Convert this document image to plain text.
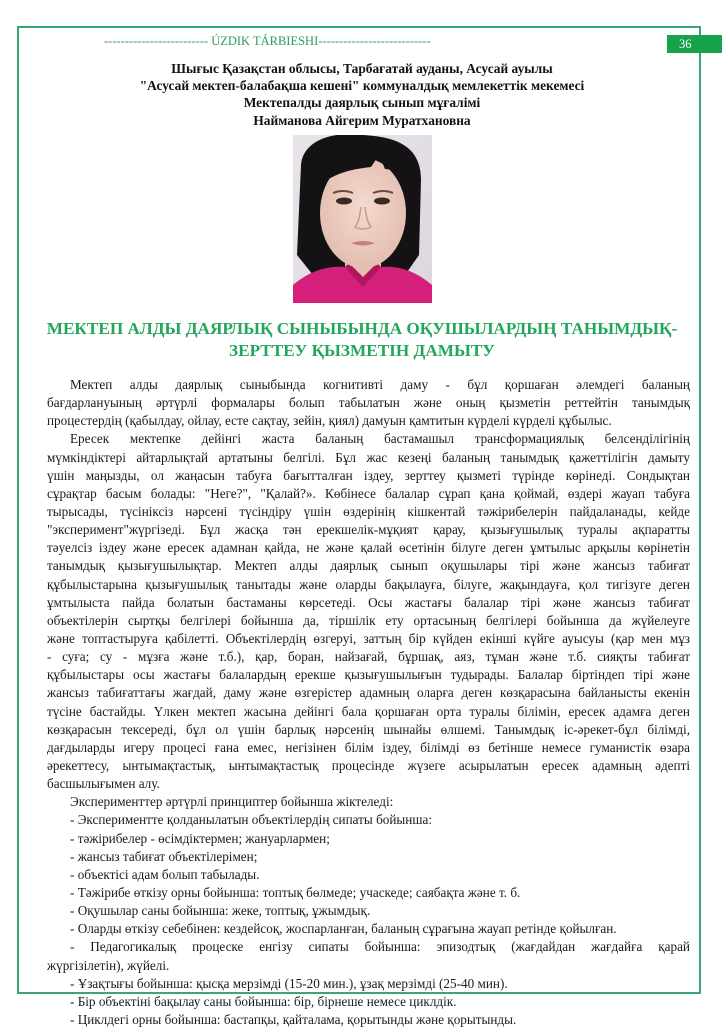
------------------------- ÚZDIK TÁRBIESHI---------------------------	36
Шығыс Қазақстан облысы, Тарбағатай ауданы, Асусай ауылы
"Асусай мектеп-балабақша кешені" коммуналдық мемлекеттік мекемесі
Мектепалды даярлық сынып мұғалімі
Найманова Айгерим Муратхановна
МЕКТЕП АЛДЫ ДАЯРЛЫҚ СЫНЫБЫНДА ОҚУШЫЛАРДЫҢ ТАНЫМДЫҚ-
ЗЕРТТЕУ ҚЫЗМЕТІН ДАМЫТУ
Мектеп алды даярлық сыныбында когнитивті даму - бұл қоршаған әлемдегі баланың
бағдарлануының әртүрлі формалары болып табылатын және оның қызметін реттейтін танымдық
процестердің (қабылдау, ойлау, есте сақтау, зейін, қиял) дамуын қамтитын күрделі күрделі құбылыс.
Ересек мектепке дейінгі жаста баланың бастамашыл трансформациялық белсенділігінің
мүмкіндіктері айтарлықтай артатыны белгілі. Бұл жас кезеңі баланың танымдық қажеттілігін дамыту
үшін маңызды, ол жаңасын табуға бағытталған іздеу, зерттеу қызметі түрінде көрінеді. Сондықтан
сұрақтар басым болады: "Неге?", "Қалай?». Көбінесе балалар сұрап қана қоймай, өздері жауап табуға
тырысады, түсініксіз нәрсені түсіндіру үшін өздерінің кішкентай тәжірибелерін пайдаланады, кейде
"эксперимент"жүргізеді. Бұл жасқа тән ерекшелік-мұқият қарау, қызығушылық туралы ақпаратты
тәуелсіз іздеу және ересек адамнан қайда, не және қалай өсетінін білуге деген ұмтылыс арқылы көрінетін
танымдық қызығушылықтар. Мектеп алды даярлық сынып оқушылары тірі және жансыз табиғат
құбылыстарына қызығушылық танытады және оларды бақылауға, білуге, жақындауға, қол тигізуге деген
ұмтылыста пайда болатын бастаманы көрсетеді. Осы жастағы балалар тірі және жансыз табиғат
объектілерін сыртқы белгілері бойынша да, тіршілік ету ортасының белгілері бойынша да жүйелеуге
және топтастыруға қабілетті. Объектілердің өзгеруі, заттың бір күйден екінші күйге ауысуы (қар мен мұз
- суға; су - мұзға және т.б.), қар, боран, найзағай, бұршақ, аяз, тұман және т.б. сияқты табиғат
құбылыстары осы жастағы балалардың ерекше қызығушылығын тудырады. Балалар біртіндеп тірі және
жансыз табиғаттағы жағдай, даму және өзгерістер адамның оларға деген көзқарасына байланысты екенін
түсіне бастайды. Үлкен мектеп жасына дейінгі бала қоршаған орта туралы білімін, ересек адамға деген
көзқарасын тексереді, бұл ол үшін барлық нәрсенің шынайы өлшемі. Танымдық іс-әрекет-бұл білімді,
дағдыларды игеру процесі ғана емес, негізінен білім іздеу, білімді өз бетінше немесе гуманистік өзара
әрекеттесу, ынтымақтастық, ынтымақтастық процесінде жүзеге асырылатын ересек адамның әдепті
басшылығымен алу.
Эксперименттер әртүрлі принциптер бойынша жіктеледі:
- Экспериментте қолданылатын объектілердің сипаты бойынша:
- тәжірибелер - өсімдіктермен; жануарлармен;
- жансыз табиғат объектілерімен;
- объектісі адам болып табылады.
- Тәжірибе өткізу орны бойынша: топтық бөлмеде; учаскеде; саябақта және т. б.
- Оқушылар саны бойынша: жеке, топтық, ұжымдық.
- Оларды өткізу себебінен: кездейсоқ, жоспарланған, баланың сұрағына жауап ретінде қойылған.
- Педагогикалық процеске енгізу сипаты бойынша: эпизодтық (жағдайдан жағдайға қарай
жүргізілетін), жүйелі.
- Ұзақтығы бойынша: қысқа мерзімді (15-20 мин.), ұзақ мерзімді (25-40 мин).
- Бір объектіні бақылау саны бойынша: бір, бірнеше немесе циклдік.
- Циклдегі орны бойынша: бастапқы, қайталама, қорытынды және қорытынды.
